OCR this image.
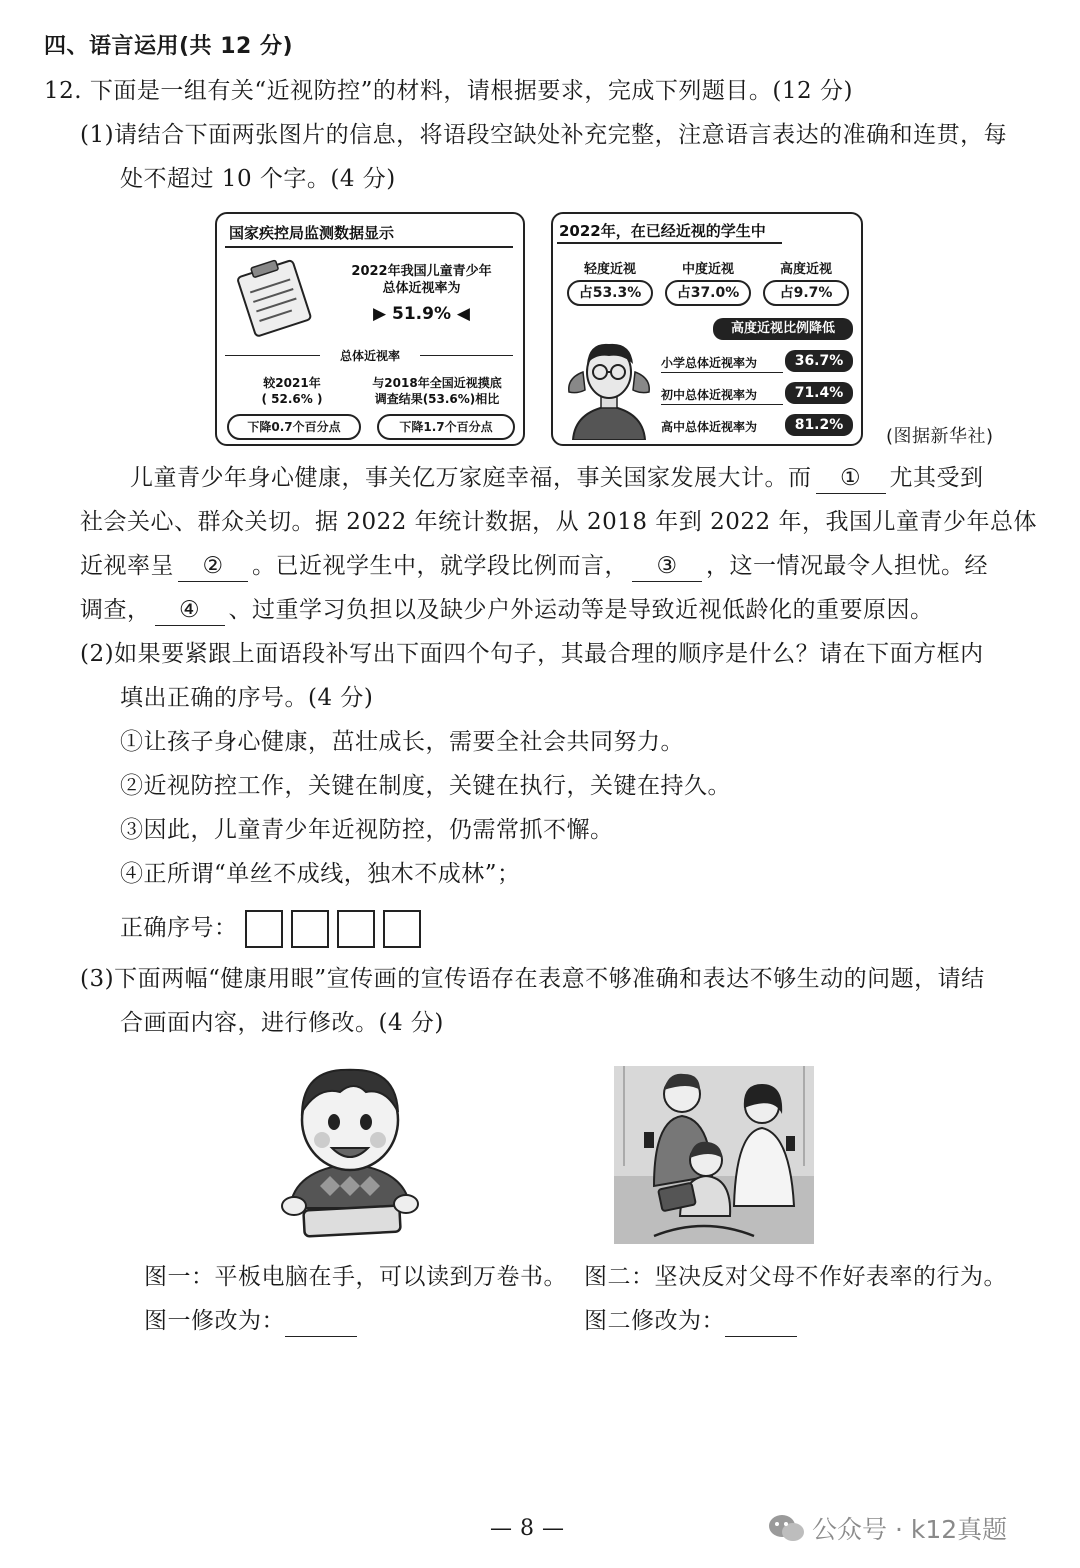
四、语言运用(共 12 分)
12. 下面是一组有关“近视防控”的材料，请根据要求，完成下列题目。(12 分)
(1)请结合下面两张图片的信息，将语段空缺处补充完整，注意语言表达的准确和连贯，每
处不超过 10 个字。(4 分)
国家疾控局监测数据显示
2022年我国儿童青少年
总体近视率为
▶ 51.9% ◀
总体近视率
较2021年
( 52.6% )
与2018年全国近视摸底
调查结果(53.6%)相比
下降0.7个百分点	下降1.7个百分点
2022年，在已经近视的学生中
轻度近视	中度近视	高度近视
占53.3%	占37.0%	占9.7%
高度近视比例降低
小学总体近视率为	36.7%
初中总体近视率为	71.4%
高中总体近视率为	81.2%
(图据新华社)
儿童青少年身心健康，事关亿万家庭幸福，事关国家发展大计。而 ① 尤其受到
社会关心、群众关切。据 2022 年统计数据，从 2018 年到 2022 年，我国儿童青少年总体
近视率呈 ② 。已近视学生中，就学段比例而言， ③ ，这一情况最令人担忧。经
调查， ④ 、过重学习负担以及缺少户外运动等是导致近视低龄化的重要原因。
(2)如果要紧跟上面语段补写出下面四个句子，其最合理的顺序是什么？请在下面方框内
填出正确的序号。(4 分)
①让孩子身心健康，茁壮成长，需要全社会共同努力。
②近视防控工作，关键在制度，关键在执行，关键在持久。
③因此，儿童青少年近视防控，仍需常抓不懈。
④正所谓“单丝不成线，独木不成林”；
正确序号：
(3)下面两幅“健康用眼”宣传画的宣传语存在表意不够准确和表达不够生动的问题，请结
合画面内容，进行修改。(4 分)
图一：平板电脑在手，可以读到万卷书。 图二：坚决反对父母不作好表率的行为。
图一修改为：	图二修改为：
— 8 —	公众号 · k12真题
